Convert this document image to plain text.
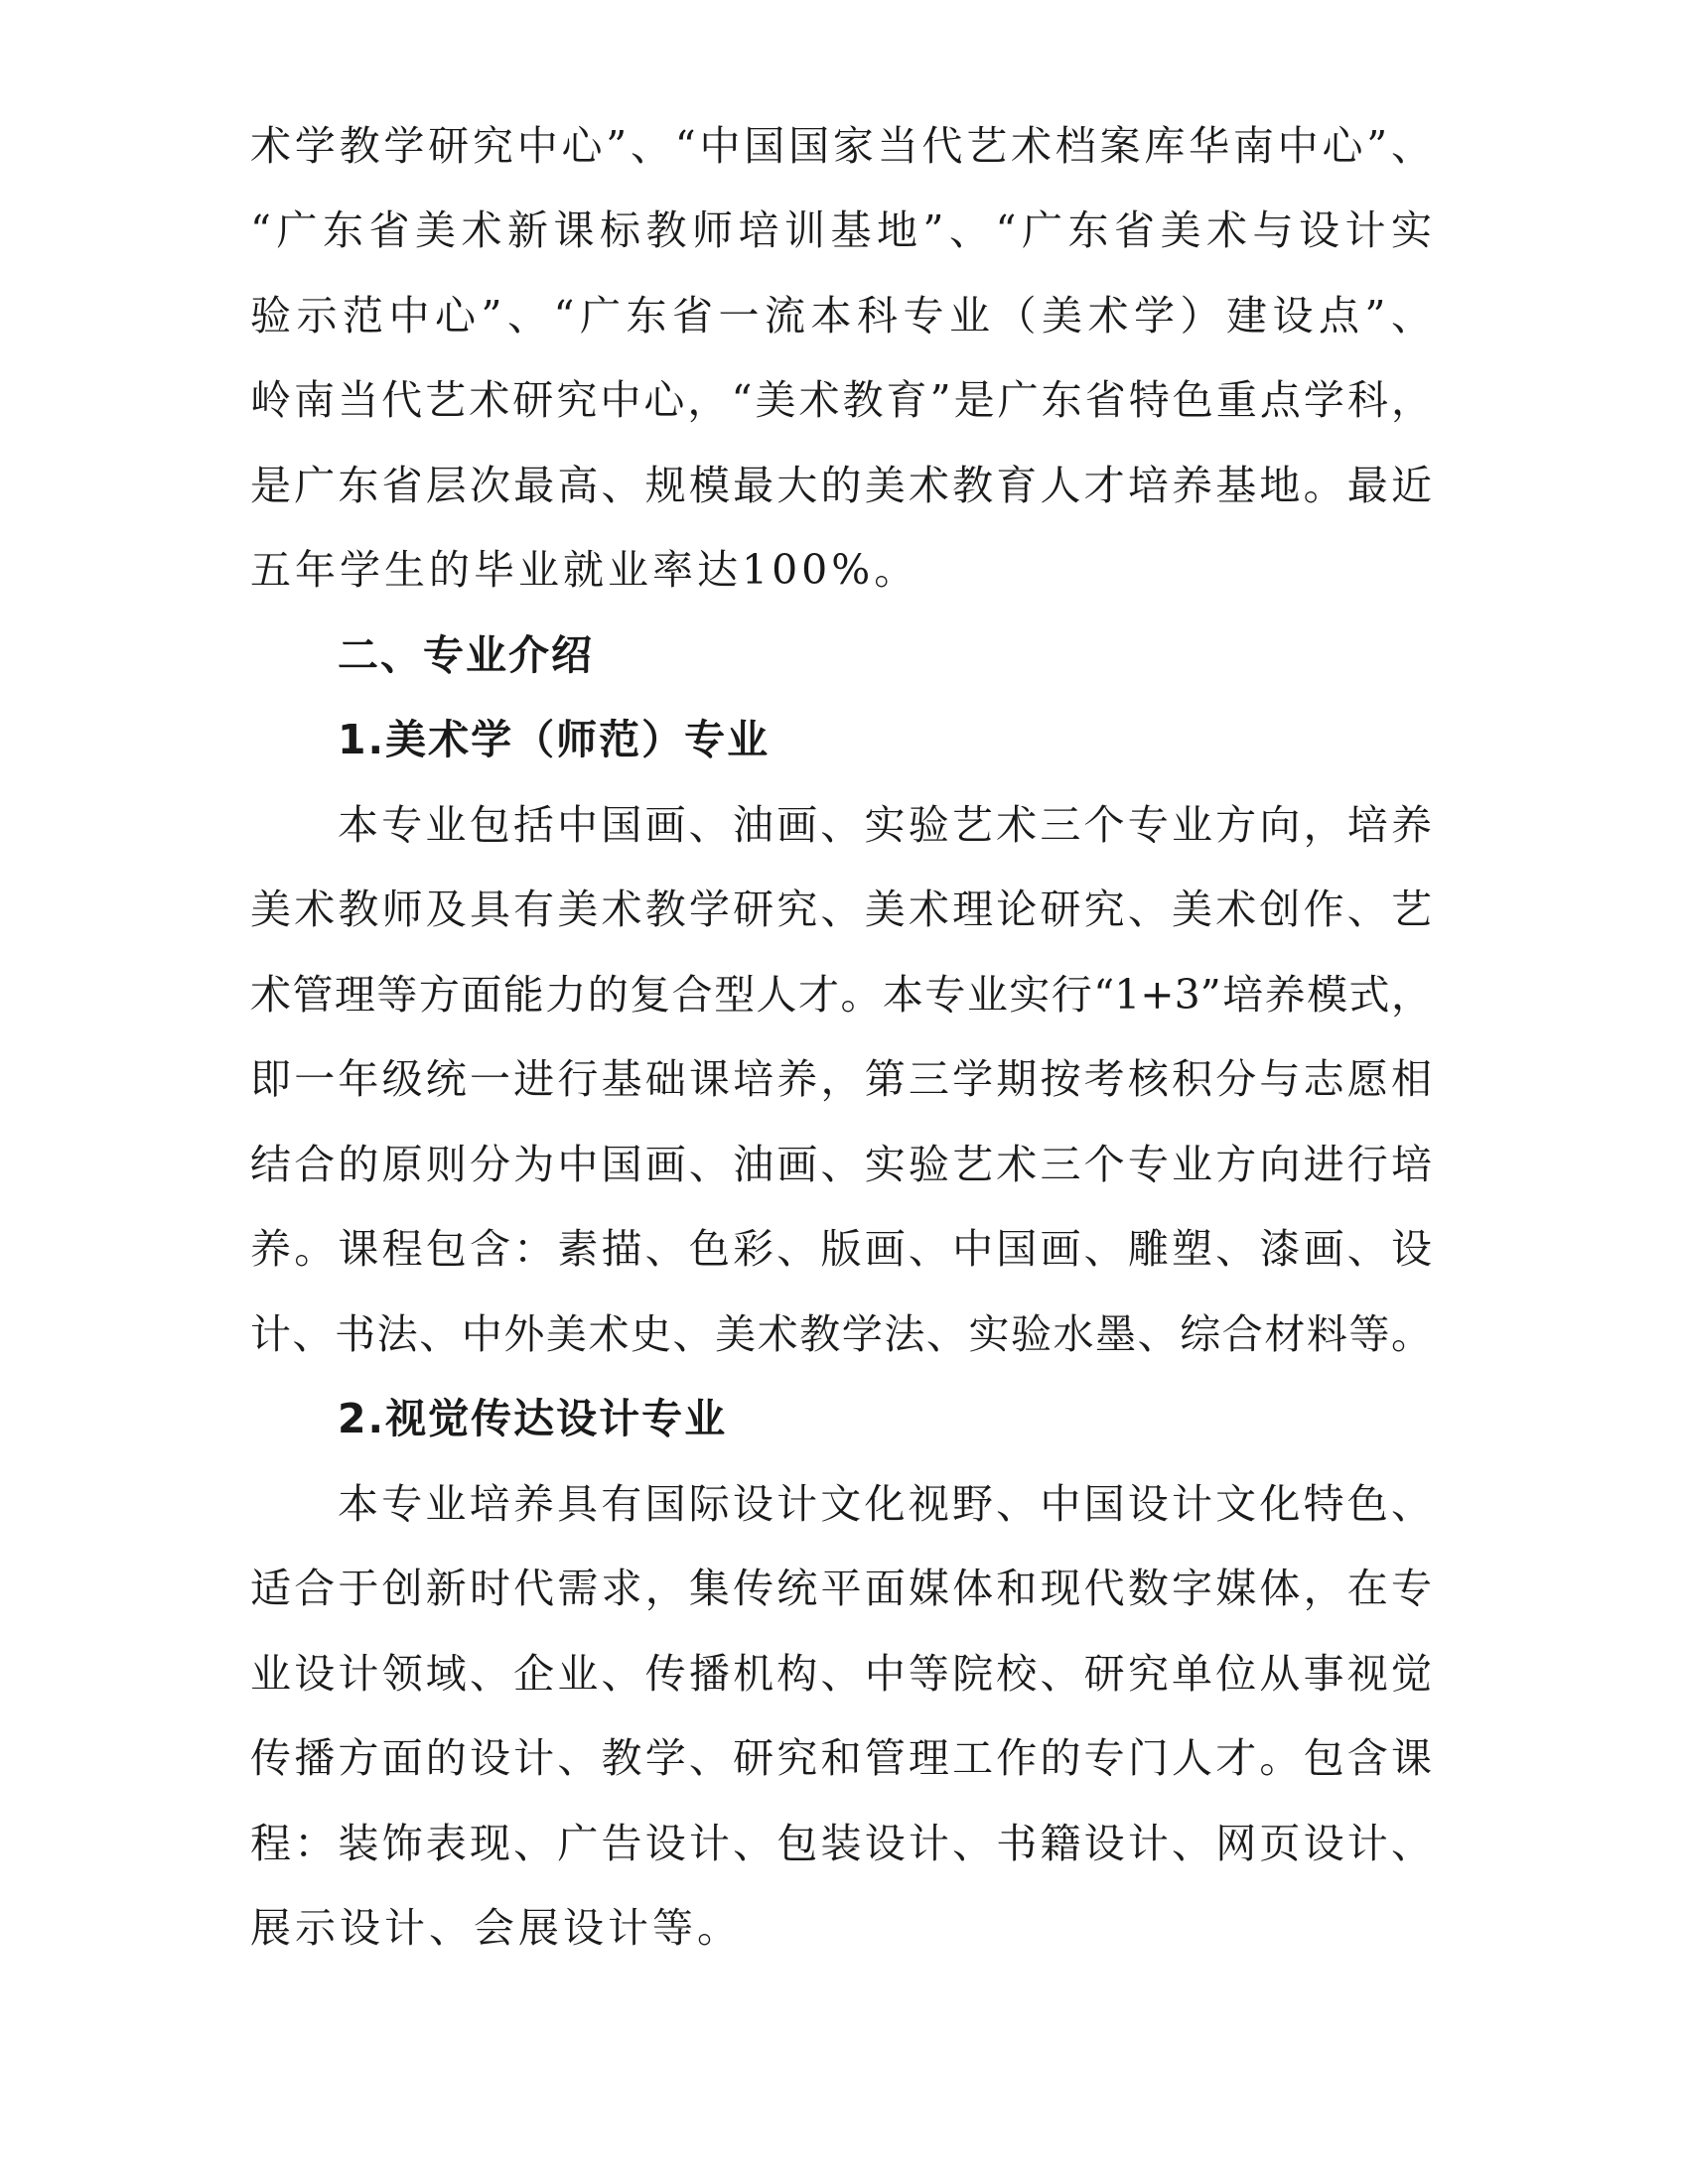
术学教学研究中心”、“中国国家当代艺术档案库华南中心”、
“广东省美术新课标教师培训基地”、“广东省美术与设计实
验示范中心”、“广东省一流本科专业（美术学）建设点”、
岭南当代艺术研究中心，“美术教育”是广东省特色重点学科，
是广东省层次最高、规模最大的美术教育人才培养基地。最近
五年学生的毕业就业率达100%。
二、专业介绍
1.美术学（师范）专业
本专业包括中国画、油画、实验艺术三个专业方向，培养
美术教师及具有美术教学研究、美术理论研究、美术创作、艺
术管理等方面能力的复合型人才。本专业实行“1+3”培养模式，
即一年级统一进行基础课培养，第三学期按考核积分与志愿相
结合的原则分为中国画、油画、实验艺术三个专业方向进行培
养。课程包含：素描、色彩、版画、中国画、雕塑、漆画、设
计、书法、中外美术史、美术教学法、实验水墨、综合材料等。
2.视觉传达设计专业
本专业培养具有国际设计文化视野、中国设计文化特色、
适合于创新时代需求，集传统平面媒体和现代数字媒体，在专
业设计领域、企业、传播机构、中等院校、研究单位从事视觉
传播方面的设计、教学、研究和管理工作的专门人才。包含课
程：装饰表现、广告设计、包装设计、书籍设计、网页设计、
展示设计、会展设计等。
